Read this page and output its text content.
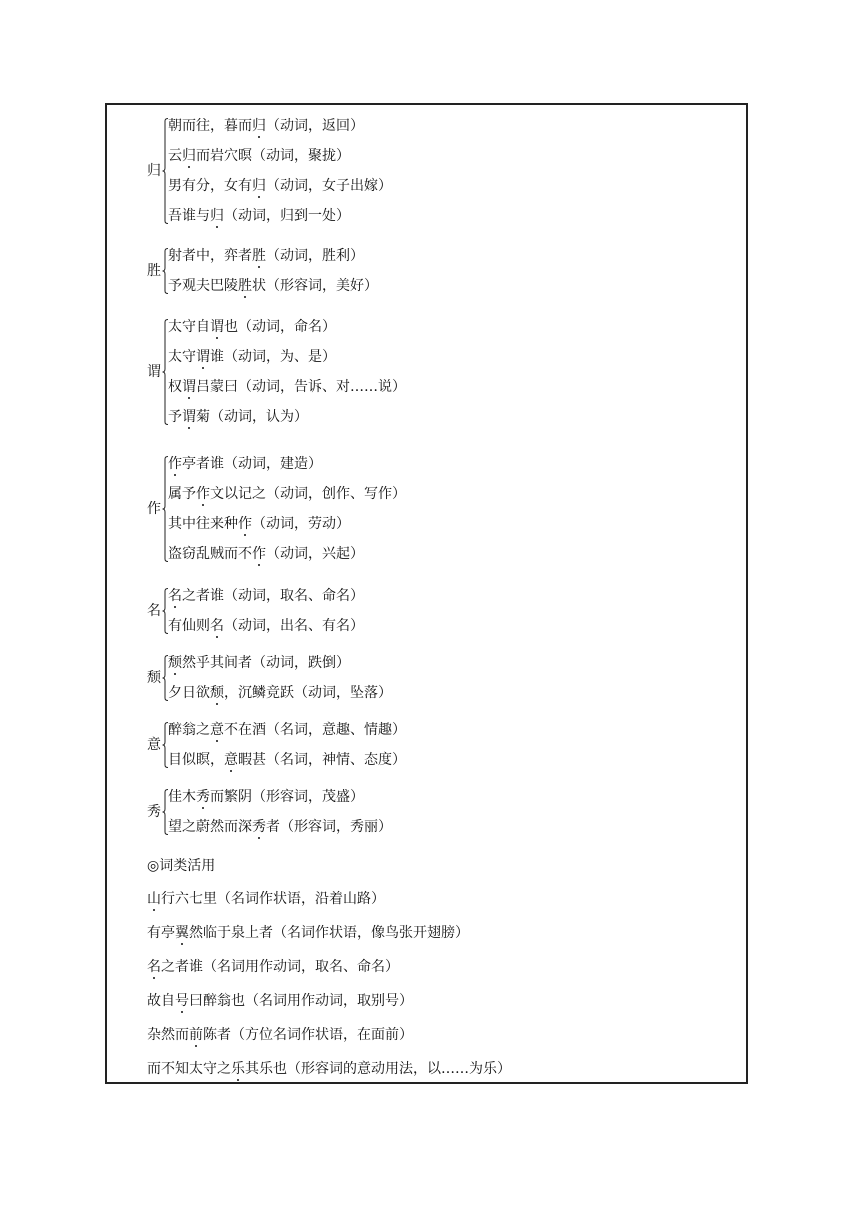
归
朝而往，暮而归（动词，返回）
云归而岩穴暝（动词，聚拢）
男有分，女有归（动词，女子出嫁）
吾谁与归（动词，归到一处）
胜
射者中，弈者胜（动词，胜利）
予观夫巴陵胜状（形容词，美好）
谓
太守自谓也（动词，命名）
太守谓谁（动词，为、是）
权谓吕蒙曰（动词，告诉、对……说）
予谓菊（动词，认为）
作
作亭者谁（动词，建造）
属予作文以记之（动词，创作、写作）
其中往来种作（动词，劳动）
盗窃乱贼而不作（动词，兴起）
名
名之者谁（动词，取名、命名）
有仙则名（动词，出名、有名）
颓
颓然乎其间者（动词，跌倒）
夕日欲颓，沉鳞竞跃（动词，坠落）
意
醉翁之意不在酒（名词，意趣、情趣）
目似瞑，意暇甚（名词，神情、态度）
秀
佳木秀而繁阴（形容词，茂盛）
望之蔚然而深秀者（形容词，秀丽）
◎词类活用
山行六七里（名词作状语，沿着山路）
有亭翼然临于泉上者（名词作状语，像鸟张开翅膀）
名之者谁（名词用作动词，取名、命名）
故自号曰醉翁也（名词用作动词，取别号）
杂然而前陈者（方位名词作状语，在面前）
而不知太守之乐其乐也（形容词的意动用法，以……为乐）
